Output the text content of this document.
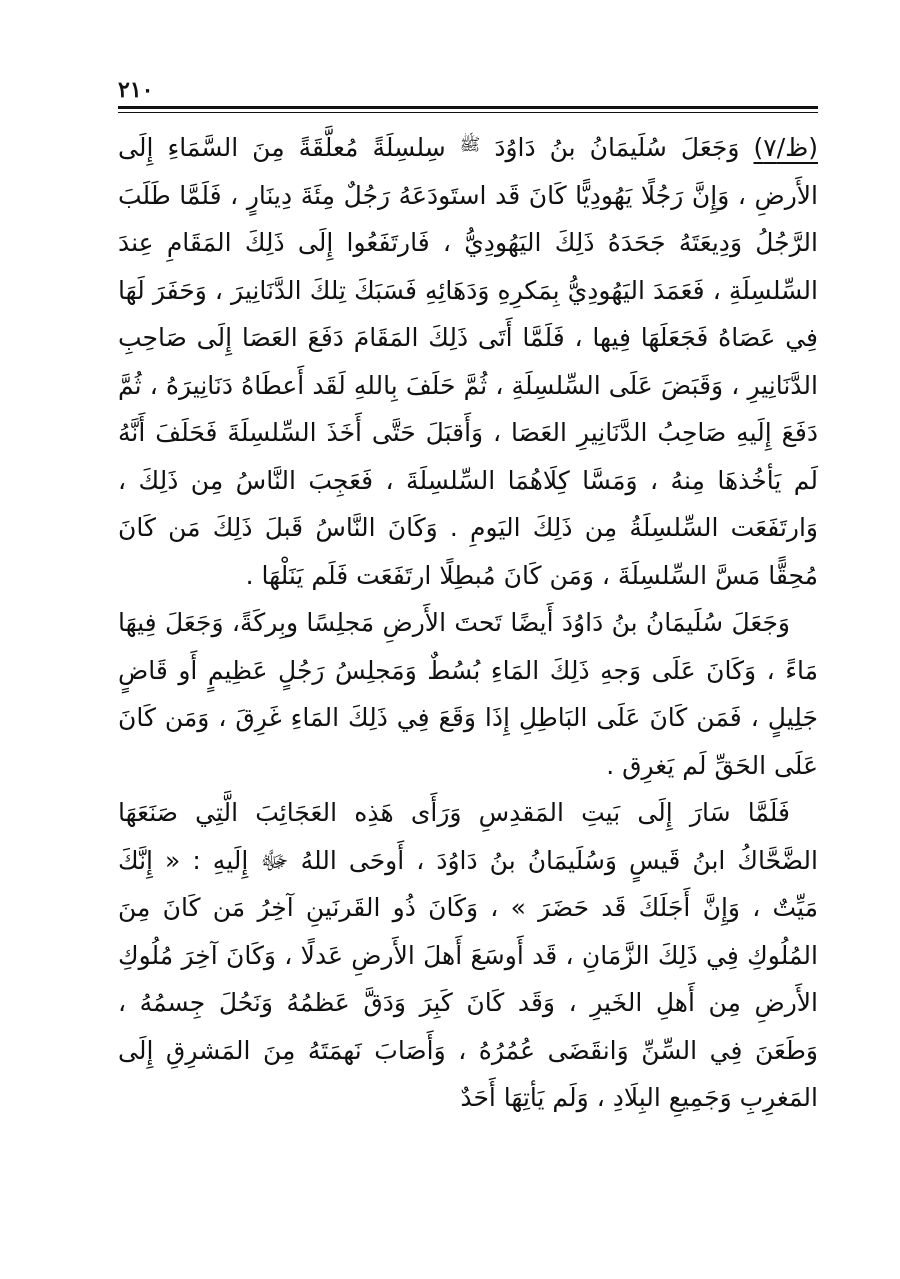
٢١٠

(ظ/٧) وَجَعَلَ سُلَيمَانُ بنُ دَاوُدَ $^ﷺ$ سِلسِلَةً مُعلَّقَةً مِنَ السَّمَاءِ إِلَى الأَرضِ ، وَإِنَّ رَجُلًا يَهُودِيًّا كَانَ قَد استَودَعَهُ رَجُلٌ مِئَةَ دِينَارٍ ، فَلَمَّا طَلَبَ الرَّجُلُ وَدِيعَتَهُ جَحَدَهُ ذَلِكَ اليَهُودِيُّ ، فَارتَفَعُوا إِلَى ذَلِكَ المَقَامِ عِندَ السِّلسِلَةِ ، فَعَمَدَ اليَهُودِيُّ بِمَكرِهِ وَدَهَائِهِ فَسَبَكَ تِلكَ الدَّنَانِيرَ ، وَحَفَرَ لَهَا فِي عَصَاهُ فَجَعَلَهَا فِيها ، فَلَمَّا أَتَى ذَلِكَ المَقَامَ دَفَعَ العَصَا إِلَى صَاحِبِ الدَّنَانِيرِ ، وَقَبَضَ عَلَى السِّلسِلَةِ ، ثُمَّ حَلَفَ بِاللهِ لَقَد أَعطَاهُ دَنَانِيرَهُ ، ثُمَّ دَفَعَ إِلَيهِ صَاحِبُ الدَّنَانِيرِ العَصَا ، وَأَقبَلَ حَتَّى أَخَذَ السِّلسِلَةَ فَحَلَفَ أَنَّهُ لَم يَأخُذهَا مِنهُ ، وَمَسَّا كِلَاهُمَا السِّلسِلَةَ ، فَعَجِبَ النَّاسُ مِن ذَلِكَ ، وَارتَفَعَت السِّلسِلَةُ مِن ذَلِكَ اليَومِ . وَكَانَ النَّاسُ قَبلَ ذَلِكَ مَن كَانَ مُحِقًّا مَسَّ السِّلسِلَةَ ، وَمَن كَانَ مُبطِلًا ارتَفَعَت فَلَم يَنَلْهَا .

وَجَعَلَ سُلَيمَانُ بنُ دَاوُدَ أَيضًا تَحتَ الأَرضِ مَجلِسًا وبِركَةً، وَجَعَلَ فِيهَا مَاءً ، وَكَانَ عَلَى وَجهِ ذَلِكَ المَاءِ بُسُطٌ وَمَجلِسُ رَجُلٍ عَظِيمٍ أَو قَاضٍ جَلِيلٍ ، فَمَن كَانَ عَلَى البَاطِلِ إِذَا وَقَعَ فِي ذَلِكَ المَاءِ غَرِقَ ، وَمَن كَانَ عَلَى الحَقِّ لَم يَغرِق .

فَلَمَّا سَارَ إِلَى بَيتِ المَقدِسِ وَرَأَى هَذِه العَجَائِبَ الَّتِي صَنَعَهَا الضَّحَّاكُ ابنُ قَيسٍ وَسُلَيمَانُ بنُ دَاوُدَ ، أَوحَى اللهُ ﷻ إِلَيهِ : « إِنَّكَ مَيِّتٌ ، وَإِنَّ أَجَلَكَ قَد حَضَرَ » ، وَكَانَ ذُو القَرنَينِ آخِرُ مَن كَانَ مِنَ المُلُوكِ فِي ذَلِكَ الزَّمَانِ ، قَد أَوسَعَ أَهلَ الأَرضِ عَدلًا ، وَكَانَ آخِرَ مُلُوكِ الأَرضِ مِن أَهلِ الخَيرِ ، وَقَد كَانَ كَبِرَ وَدَقَّ عَظمُهُ وَنَحُلَ جِسمُهُ ، وَطَعَنَ فِي السِّنِّ وَانقَضَى عُمُرُهُ ، وَأَصَابَ نَهمَتَهُ مِنَ المَشرِقِ إِلَى المَغرِبِ وَجَمِيعِ البِلَادِ ، وَلَم يَأتِهَا أَحَدٌ
